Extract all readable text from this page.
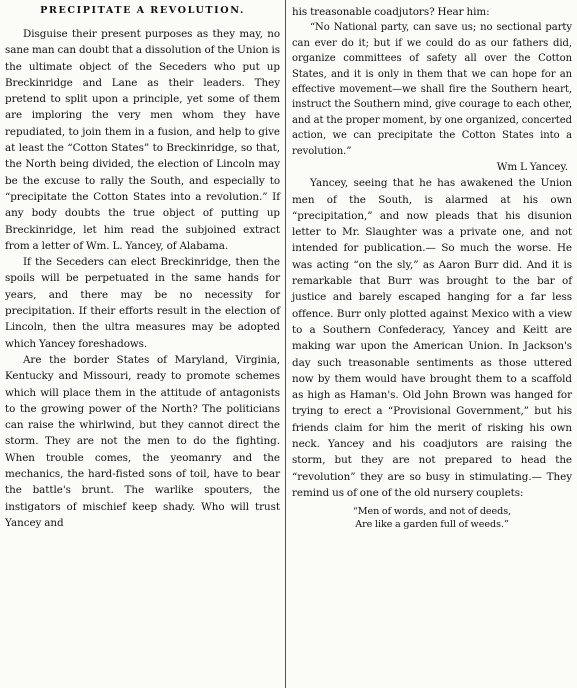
PRECIPITATE A REVOLUTION.

Disguise their present purposes as they may, no sane man can doubt that a dissolution of the Union is the ultimate object of the Seceders who put up Breckinridge and Lane as their leaders. They pretend to split upon a principle, yet some of them are imploring the very men whom they have repudiated, to join them in a fusion, and help to give at least the “Cotton States” to Breckinridge, so that, the North being divided, the election of Lincoln may be the excuse to rally the South, and especially to “precipitate the Cotton States into a revolution.” If any body doubts the true object of putting up Breckinridge, let him read the subjoined extract from a letter of Wm. L. Yancey, of Alabama.

If the Seceders can elect Breckinridge, then the spoils will be perpetuated in the same hands for years, and there may be no necessity for precipitation. If their efforts result in the election of Lincoln, then the ultra measures may be adopted which Yancey foreshadows.

Are the border States of Maryland, Virginia, Kentucky and Missouri, ready to promote schemes which will place them in the attitude of antagonists to the growing power of the North? The politicians can raise the whirlwind, but they cannot direct the storm. They are not the men to do the fighting. When trouble comes, the yeomanry and the mechanics, the hard-fisted sons of toil, have to bear the battle's brunt. The warlike spouters, the instigators of mischief keep shady. Who will trust Yancey and

his treasonable coadjutors? Hear him:

“No National party, can save us; no sectional party can ever do it; but if we could do as our fathers did, organize committees of safety all over the Cotton States, and it is only in them that we can hope for an effective movement—we shall fire the Southern heart, instruct the Southern mind, give courage to each other, and at the proper moment, by one organized, concerted action, we can precipitate the Cotton States into a revolution.”

Wm L Yancey.

Yancey, seeing that he has awakened the Union men of the South, is alarmed at his own “precipitation,” and now pleads that his disunion letter to Mr. Slaughter was a private one, and not intended for publication.— So much the worse. He was acting “on the sly,” as Aaron Burr did. And it is remarkable that Burr was brought to the bar of justice and barely escaped hanging for a far less offence. Burr only plotted against Mexico with a view to a Southern Confederacy, Yancey and Keitt are making war upon the American Union. In Jackson's day such treasonable sentiments as those uttered now by them would have brought them to a scaffold as high as Haman's. Old John Brown was hanged for trying to erect a “Provisional Government,” but his friends claim for him the merit of risking his own neck. Yancey and his coadjutors are raising the storm, but they are not prepared to head the “revolution” they are so busy in stimulating.— They remind us of one of the old nursery couplets:

“Men of words, and not of deeds,
Are like a garden full of weeds.”
